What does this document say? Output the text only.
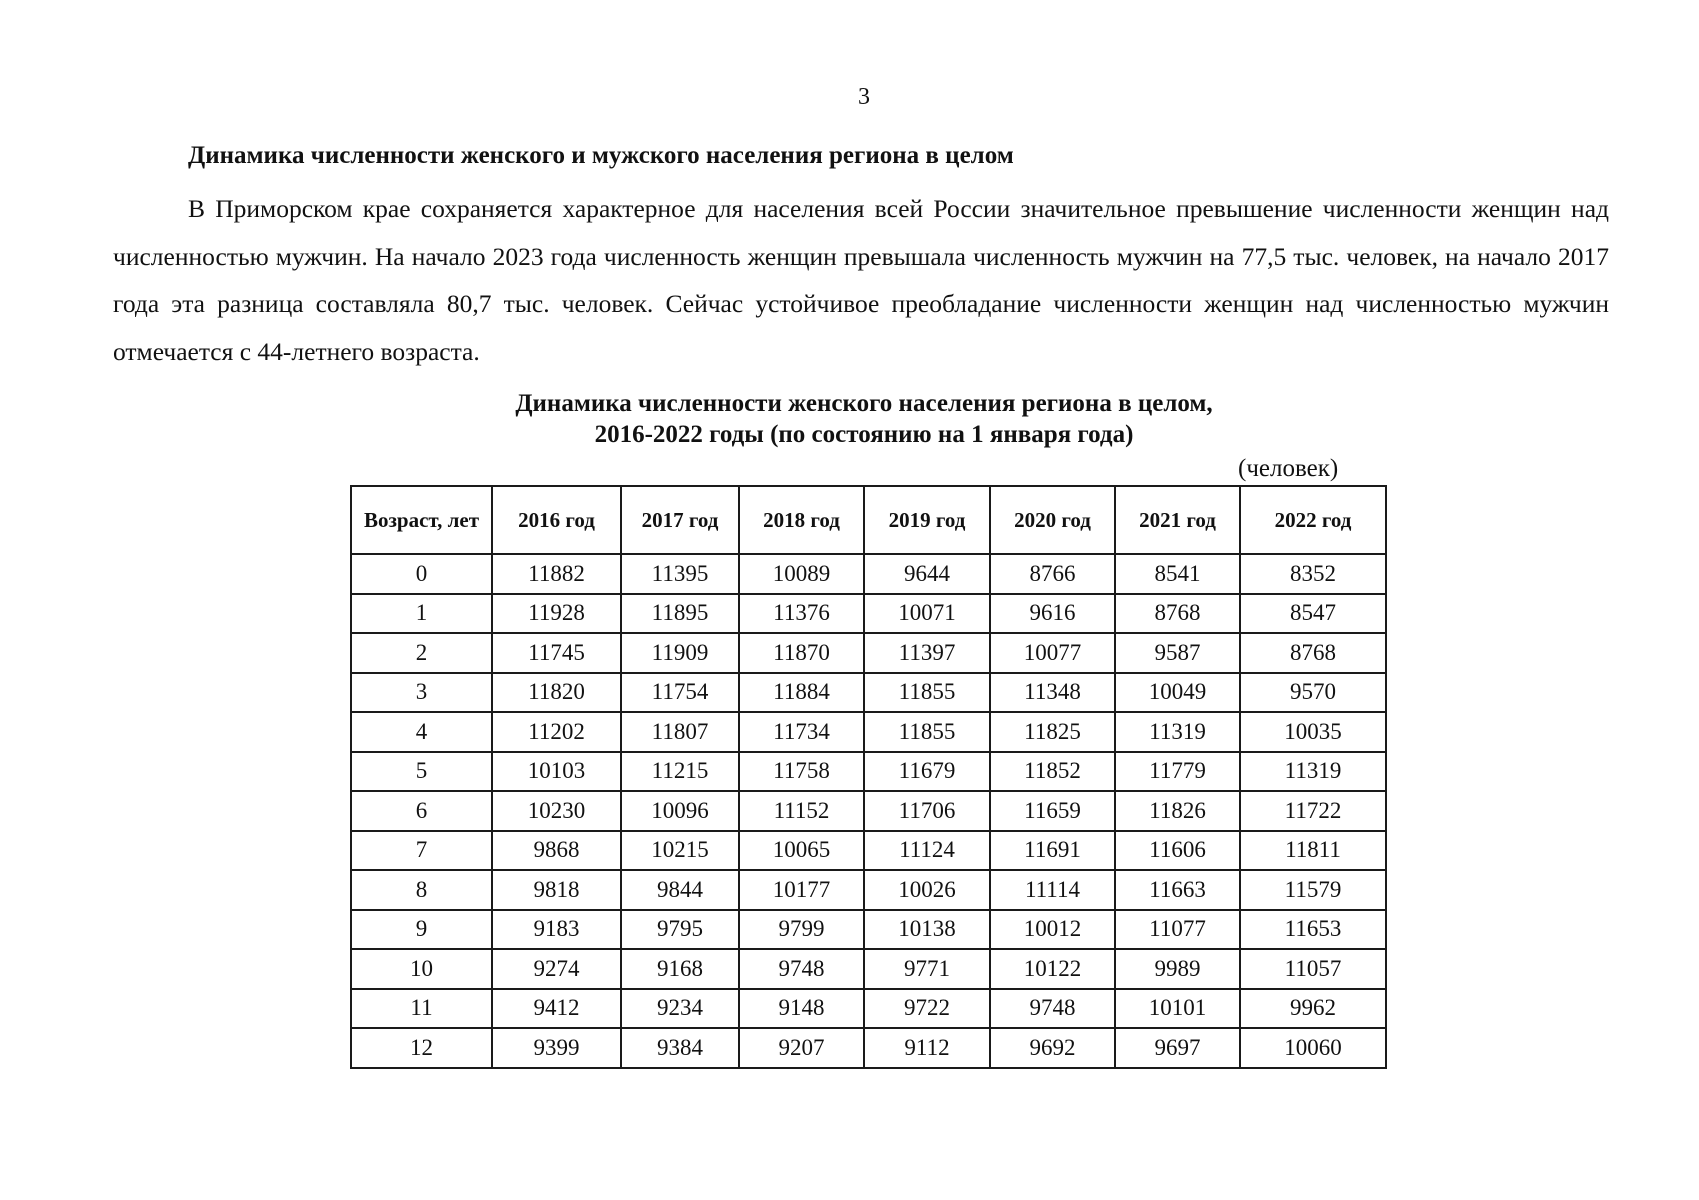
3
Динамика численности женского и мужского населения региона в целом

В Приморском крае сохраняется характерное для населения всей России значительное превышение численности женщин над численностью мужчин. На начало 2023 года численность женщин превышала численность мужчин на 77,5 тыс. человек, на начало 2017 года эта разница составляла 80,7 тыс. человек. Сейчас устойчивое преобладание численности женщин над численностью мужчин отмечается с 44-летнего возраста.

Динамика численности женского населения региона в целом,
2016-2022 годы (по состоянию на 1 января года)
(человек)
Возраст, лет	2016 год	2017 год	2018 год	2019 год	2020 год	2021 год	2022 год
0	11882	11395	10089	9644	8766	8541	8352
1	11928	11895	11376	10071	9616	8768	8547
2	11745	11909	11870	11397	10077	9587	8768
3	11820	11754	11884	11855	11348	10049	9570
4	11202	11807	11734	11855	11825	11319	10035
5	10103	11215	11758	11679	11852	11779	11319
6	10230	10096	11152	11706	11659	11826	11722
7	9868	10215	10065	11124	11691	11606	11811
8	9818	9844	10177	10026	11114	11663	11579
9	9183	9795	9799	10138	10012	11077	11653
10	9274	9168	9748	9771	10122	9989	11057
11	9412	9234	9148	9722	9748	10101	9962
12	9399	9384	9207	9112	9692	9697	10060
